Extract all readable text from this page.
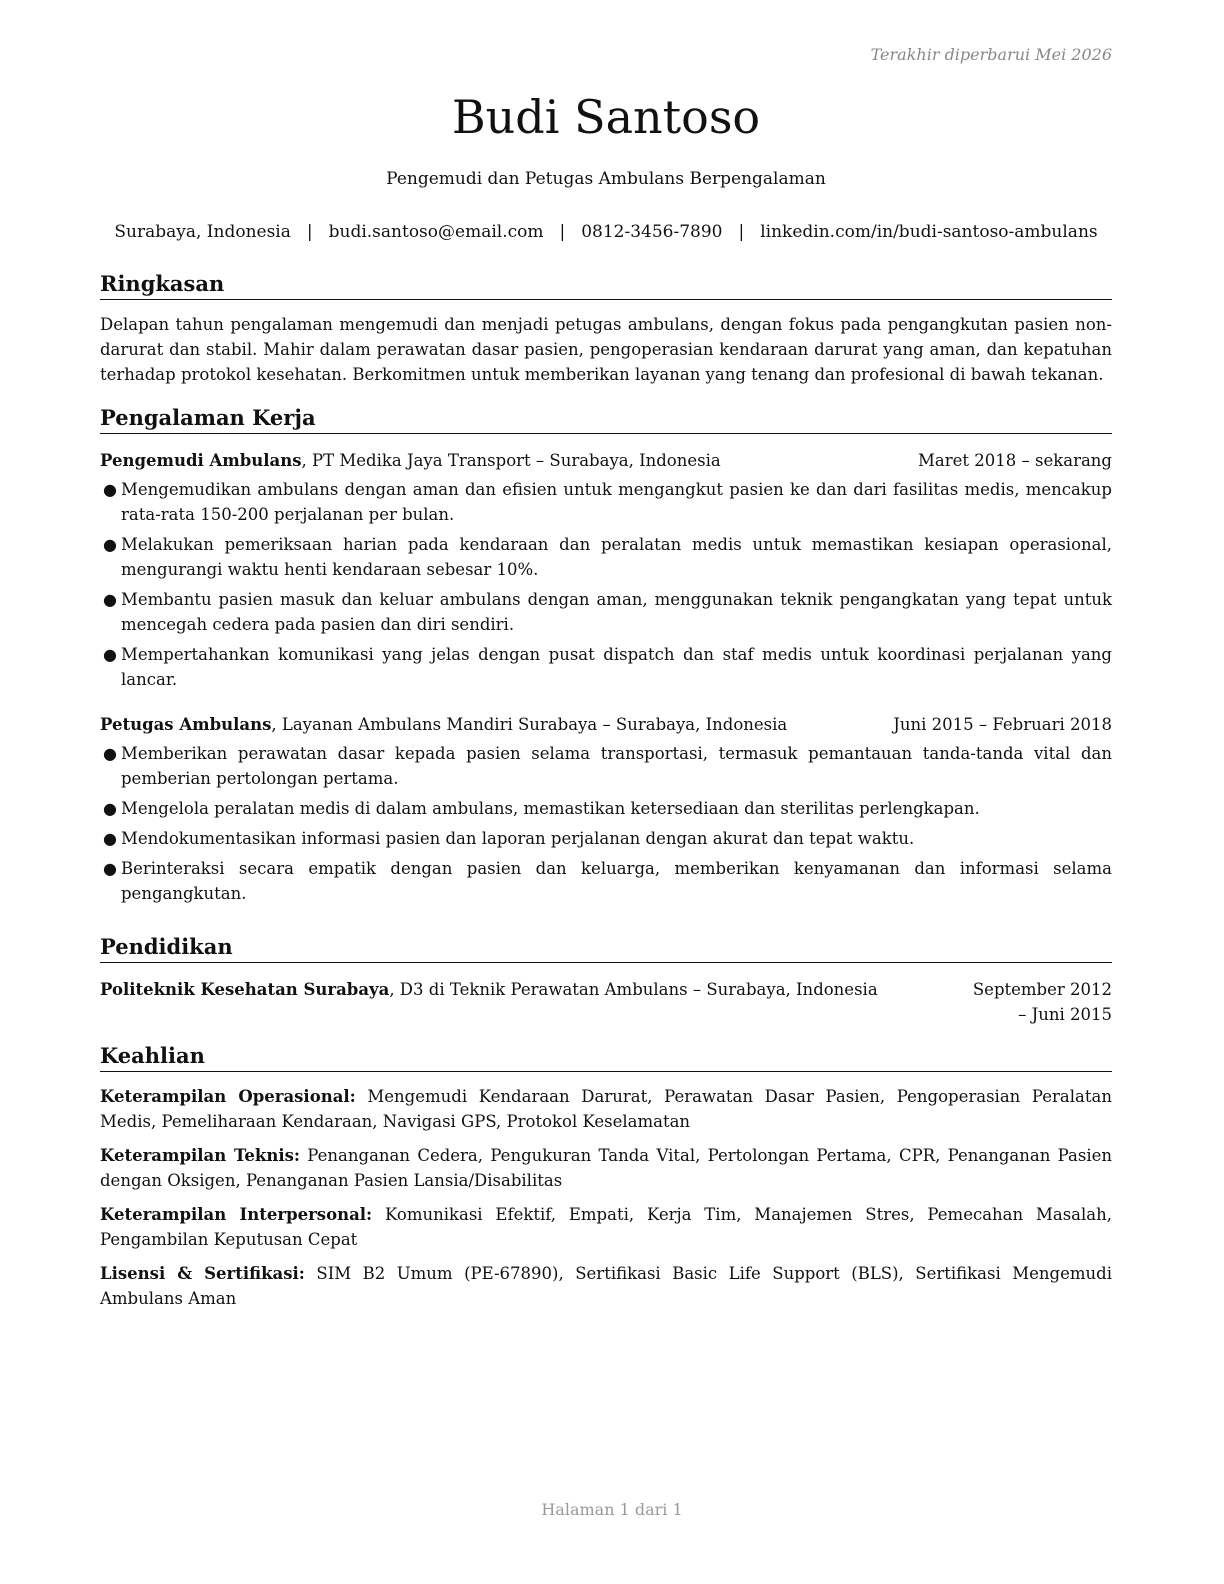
Terakhir diperbarui Mei 2026
Budi Santoso
Pengemudi dan Petugas Ambulans Berpengalaman
Surabaya, Indonesia | budi.santoso@email.com | 0812-3456-7890 | linkedin.com/in/budi-santoso-ambulans
Ringkasan

Delapan tahun pengalaman mengemudi dan menjadi petugas ambulans, dengan fokus pada pengangkutan pasien non-darurat dan stabil. Mahir dalam perawatan dasar pasien, pengoperasian kendaraan darurat yang aman, dan kepatuhan terhadap protokol kesehatan. Berkomitmen untuk memberikan layanan yang tenang dan profesional di bawah tekanan.

Pengalaman Kerja
Pengemudi Ambulans, PT Medika Jaya Transport – Surabaya, Indonesia	Maret 2018 – sekarang
● Mengemudikan ambulans dengan aman dan efisien untuk mengangkut pasien ke dan dari fasilitas medis, mencakup rata-rata 150-200 perjalanan per bulan.
● Melakukan pemeriksaan harian pada kendaraan dan peralatan medis untuk memastikan kesiapan operasional, mengurangi waktu henti kendaraan sebesar 10%.
● Membantu pasien masuk dan keluar ambulans dengan aman, menggunakan teknik pengangkatan yang tepat untuk mencegah cedera pada pasien dan diri sendiri.
● Mempertahankan komunikasi yang jelas dengan pusat dispatch dan staf medis untuk koordinasi perjalanan yang lancar.
Petugas Ambulans, Layanan Ambulans Mandiri Surabaya – Surabaya, Indonesia	Juni 2015 – Februari 2018
● Memberikan perawatan dasar kepada pasien selama transportasi, termasuk pemantauan tanda-tanda vital dan pemberian pertolongan pertama.
● Mengelola peralatan medis di dalam ambulans, memastikan ketersediaan dan sterilitas perlengkapan.
● Mendokumentasikan informasi pasien dan laporan perjalanan dengan akurat dan tepat waktu.
● Berinteraksi secara empatik dengan pasien dan keluarga, memberikan kenyamanan dan informasi selama pengangkutan.
Pendidikan
Politeknik Kesehatan Surabaya, D3 di Teknik Perawatan Ambulans – Surabaya, Indonesia	September 2012 – Juni 2015
Keahlian

Keterampilan Operasional: Mengemudi Kendaraan Darurat, Perawatan Dasar Pasien, Pengoperasian Peralatan Medis, Pemeliharaan Kendaraan, Navigasi GPS, Protokol Keselamatan

Keterampilan Teknis: Penanganan Cedera, Pengukuran Tanda Vital, Pertolongan Pertama, CPR, Penanganan Pasien dengan Oksigen, Penanganan Pasien Lansia/Disabilitas

Keterampilan Interpersonal: Komunikasi Efektif, Empati, Kerja Tim, Manajemen Stres, Pemecahan Masalah, Pengambilan Keputusan Cepat

Lisensi & Sertifikasi: SIM B2 Umum (PE-67890), Sertifikasi Basic Life Support (BLS), Sertifikasi Mengemudi Ambulans Aman

Halaman 1 dari 1
